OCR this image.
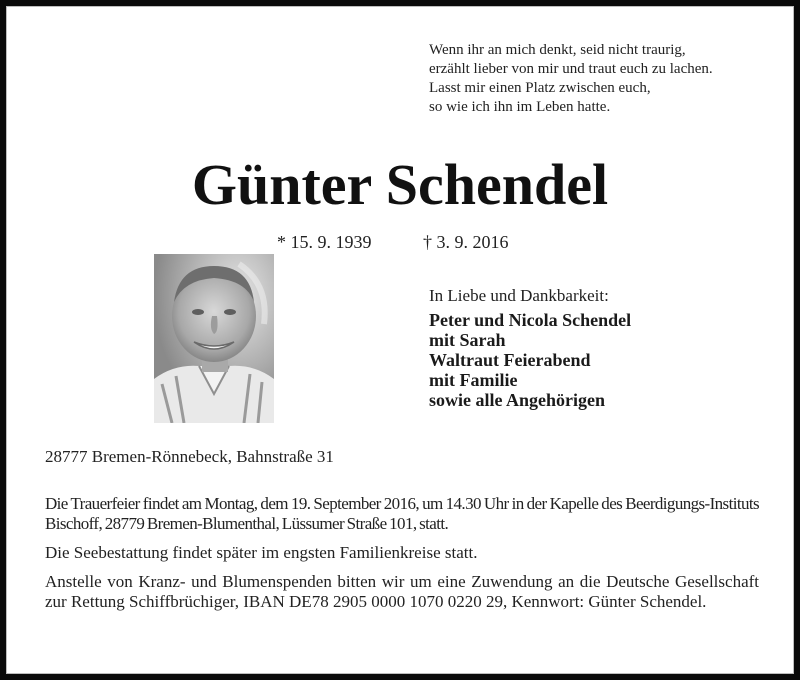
Wenn ihr an mich denkt, seid nicht traurig,
erzählt lieber von mir und traut euch zu lachen.
Lasst mir einen Platz zwischen euch,
so wie ich ihn im Leben hatte.
Günter Schendel
* 15. 9. 1939	† 3. 9. 2016
In Liebe und Dankbarkeit:
Peter und Nicola Schendel
mit Sarah
Waltraut Feierabend
mit Familie
sowie alle Angehörigen
28777 Bremen-Rönnebeck, Bahnstraße 31

Die Trauerfeier findet am Montag, dem 19. September 2016, um 14.30 Uhr in der Kapelle des Beerdigungs-Instituts Bischoff, 28779 Bremen-Blumenthal, Lüssumer Straße 101, statt.

Die Seebestattung findet später im engsten Familienkreise statt.

Anstelle von Kranz- und Blumenspenden bitten wir um eine Zuwendung an die Deutsche Gesellschaft zur Rettung Schiffbrüchiger, IBAN DE78 2905 0000 1070 0220 29, Kennwort: Günter Schendel.
